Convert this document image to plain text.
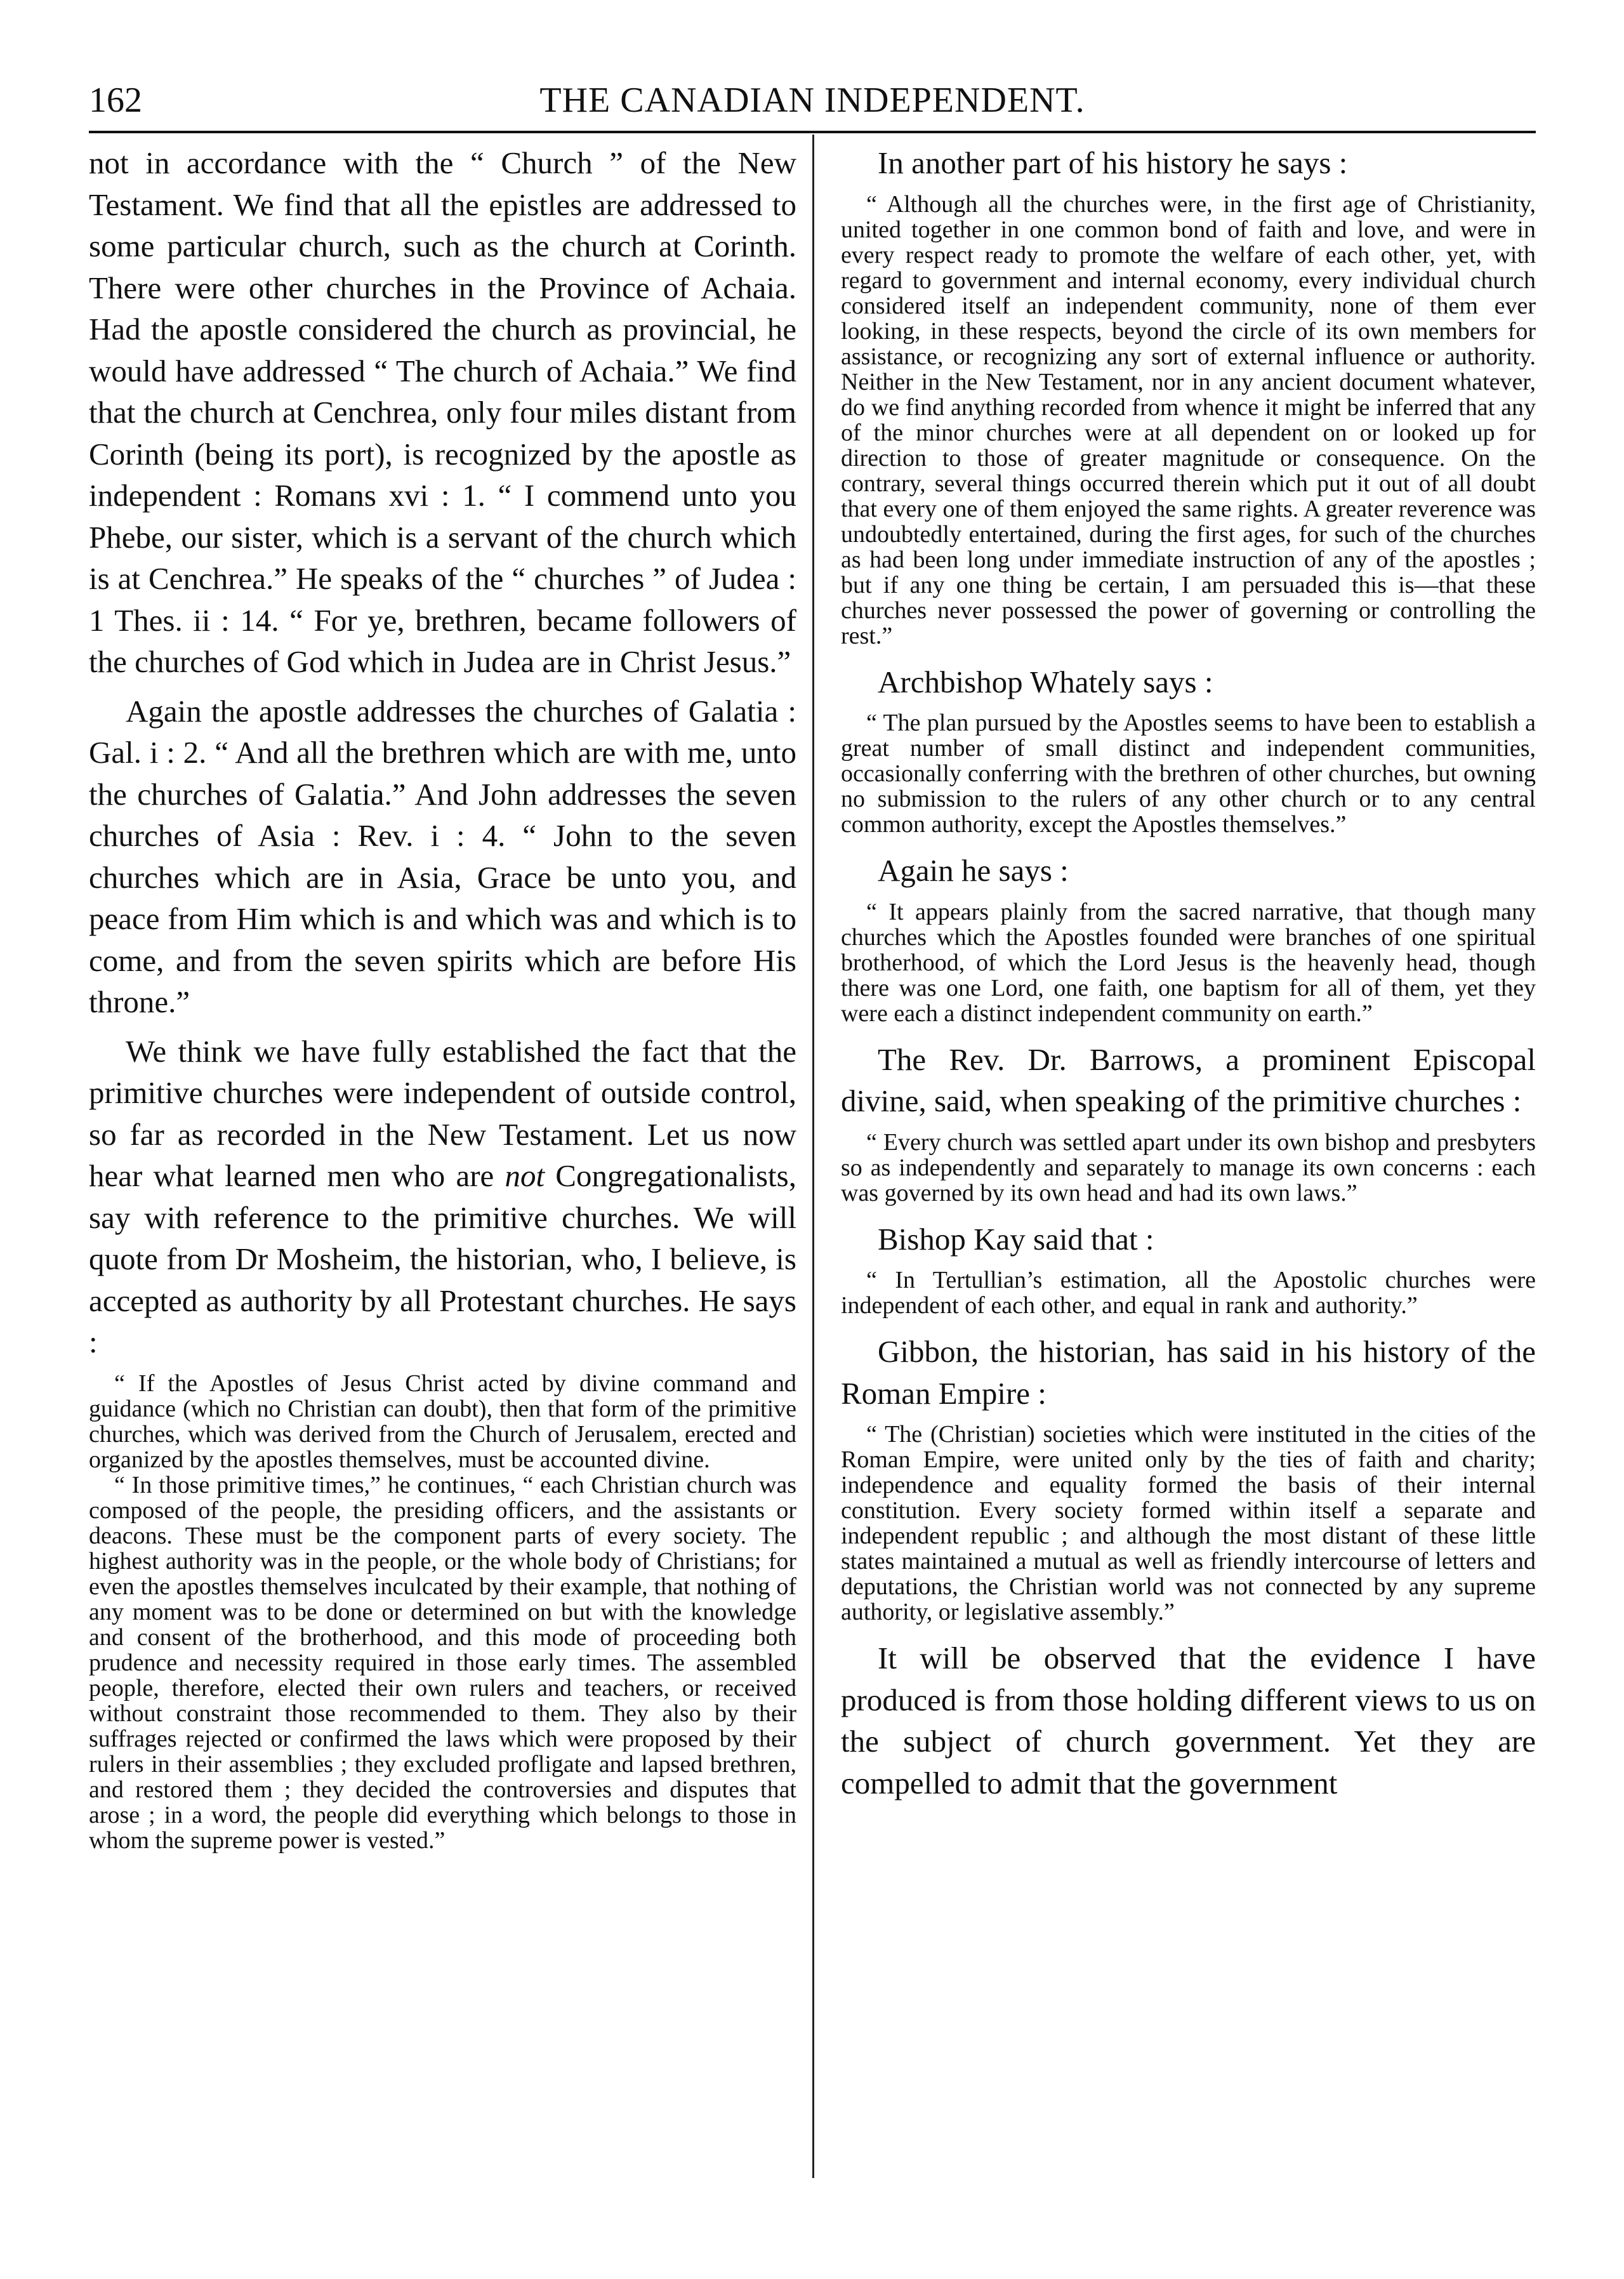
162	THE CANADIAN INDEPENDENT.

not in accordance with the “ Church ” of the New Testament. We find that all the epistles are addressed to some particular church, such as the church at Corinth. There were other churches in the Province of Achaia. Had the apostle considered the church as provincial, he would have addressed “ The church of Achaia.” We find that the church at Cenchrea, only four miles distant from Corinth (being its port), is recognized by the apostle as independent : Romans xvi : 1. “ I commend unto you Phebe, our sister, which is a servant of the church which is at Cenchrea.” He speaks of the “ churches ” of Judea : 1 Thes. ii : 14. “ For ye, brethren, became followers of the churches of God which in Judea are in Christ Jesus.”

Again the apostle addresses the churches of Galatia : Gal. i : 2. “ And all the brethren which are with me, unto the churches of Galatia.” And John addresses the seven churches of Asia : Rev. i : 4. “ John to the seven churches which are in Asia, Grace be unto you, and peace from Him which is and which was and which is to come, and from the seven spirits which are before His throne.”

We think we have fully established the fact that the primitive churches were independent of outside control, so far as recorded in the New Testament. Let us now hear what learned men who are not Congregationalists, say with reference to the primitive churches. We will quote from Dr Mosheim, the historian, who, I believe, is accepted as authority by all Protestant churches. He says :

“ If the Apostles of Jesus Christ acted by divine command and guidance (which no Christian can doubt), then that form of the primitive churches, which was derived from the Church of Jerusalem, erected and organized by the apostles themselves, must be accounted divine.

“ In those primitive times,” he continues, “ each Christian church was composed of the people, the presiding officers, and the assistants or deacons. These must be the component parts of every society. The highest authority was in the people, or the whole body of Christians; for even the apostles themselves inculcated by their example, that nothing of any moment was to be done or determined on but with the knowledge and consent of the brotherhood, and this mode of proceeding both prudence and necessity required in those early times. The assembled people, therefore, elected their own rulers and teachers, or received without constraint those recommended to them. They also by their suffrages rejected or confirmed the laws which were proposed by their rulers in their assemblies ; they excluded profligate and lapsed brethren, and restored them ; they decided the controversies and disputes that arose ; in a word, the people did everything which belongs to those in whom the supreme power is vested.”

In another part of his history he says :

“ Although all the churches were, in the first age of Christianity, united together in one common bond of faith and love, and were in every respect ready to promote the welfare of each other, yet, with regard to government and internal economy, every individual church considered itself an independent community, none of them ever looking, in these respects, beyond the circle of its own members for assistance, or recognizing any sort of external influence or authority. Neither in the New Testament, nor in any ancient document whatever, do we find anything recorded from whence it might be inferred that any of the minor churches were at all dependent on or looked up for direction to those of greater magnitude or consequence. On the contrary, several things occurred therein which put it out of all doubt that every one of them enjoyed the same rights. A greater reverence was undoubtedly entertained, during the first ages, for such of the churches as had been long under immediate instruction of any of the apostles ; but if any one thing be certain, I am persuaded this is—that these churches never possessed the power of governing or controlling the rest.”

Archbishop Whately says :

“ The plan pursued by the Apostles seems to have been to establish a great number of small distinct and independent communities, occasionally conferring with the brethren of other churches, but owning no submission to the rulers of any other church or to any central common authority, except the Apostles themselves.”

Again he says :

“ It appears plainly from the sacred narrative, that though many churches which the Apostles founded were branches of one spiritual brotherhood, of which the Lord Jesus is the heavenly head, though there was one Lord, one faith, one baptism for all of them, yet they were each a distinct independent community on earth.”

The Rev. Dr. Barrows, a prominent Episcopal divine, said, when speaking of the primitive churches :

“ Every church was settled apart under its own bishop and presbyters so as independently and separately to manage its own concerns : each was governed by its own head and had its own laws.”

Bishop Kay said that :

“ In Tertullian’s estimation, all the Apostolic churches were independent of each other, and equal in rank and authority.”

Gibbon, the historian, has said in his history of the Roman Empire :

“ The (Christian) societies which were instituted in the cities of the Roman Empire, were united only by the ties of faith and charity; independence and equality formed the basis of their internal constitution. Every society formed within itself a separate and independent republic ; and although the most distant of these little states maintained a mutual as well as friendly intercourse of letters and deputations, the Christian world was not connected by any supreme authority, or legislative assembly.”

It will be observed that the evidence I have produced is from those holding different views to us on the subject of church government. Yet they are compelled to admit that the government
